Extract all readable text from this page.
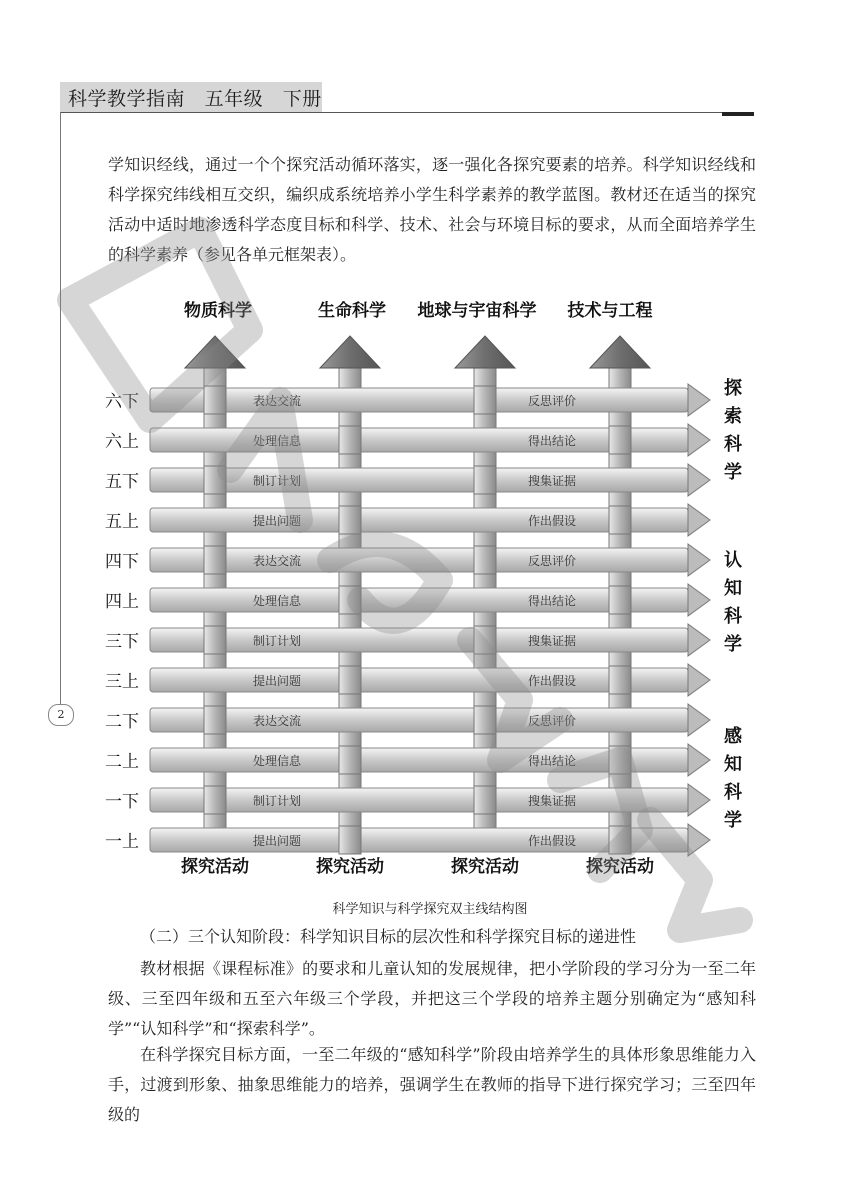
科学教学指南 五年级 下册
2

学知识经线，通过一个个探究活动循环落实，逐一强化各探究要素的培养。科学知识经线和科学探究纬线相互交织，编织成系统培养小学生科学素养的教学蓝图。教材还在适当的探究活动中适时地渗透科学态度目标和科学、技术、社会与环境目标的要求，从而全面培养学生的科学素养（参见各单元框架表）。

六下	表达交流	反思评价
六上	处理信息	得出结论
五下	制订计划	搜集证据
五上	提出问题	作出假设
四下	表达交流	反思评价
四上	处理信息	得出结论
三下	制订计划	搜集证据
三上	提出问题	作出假设
二下	表达交流	反思评价
二上	处理信息	得出结论
一下	制订计划	搜集证据
一上	提出问题	作出假设
物质科学	生命科学 地球与宇宙科学 技术与工程
探究活动	探究活动	探究活动	探究活动
探
索
科
学
认
知
科
学
感
知
科
学
科学知识与科学探究双主线结构图
（二）三个认知阶段：科学知识目标的层次性和科学探究目标的递进性

教材根据《课程标准》的要求和儿童认知的发展规律，把小学阶段的学习分为一至二年级、三至四年级和五至六年级三个学段，并把这三个学段的培养主题分别确定为“感知科学”“认知科学”和“探索科学”。

在科学探究目标方面，一至二年级的“感知科学”阶段由培养学生的具体形象思维能力入手，过渡到形象、抽象思维能力的培养，强调学生在教师的指导下进行探究学习；三至四年级的
